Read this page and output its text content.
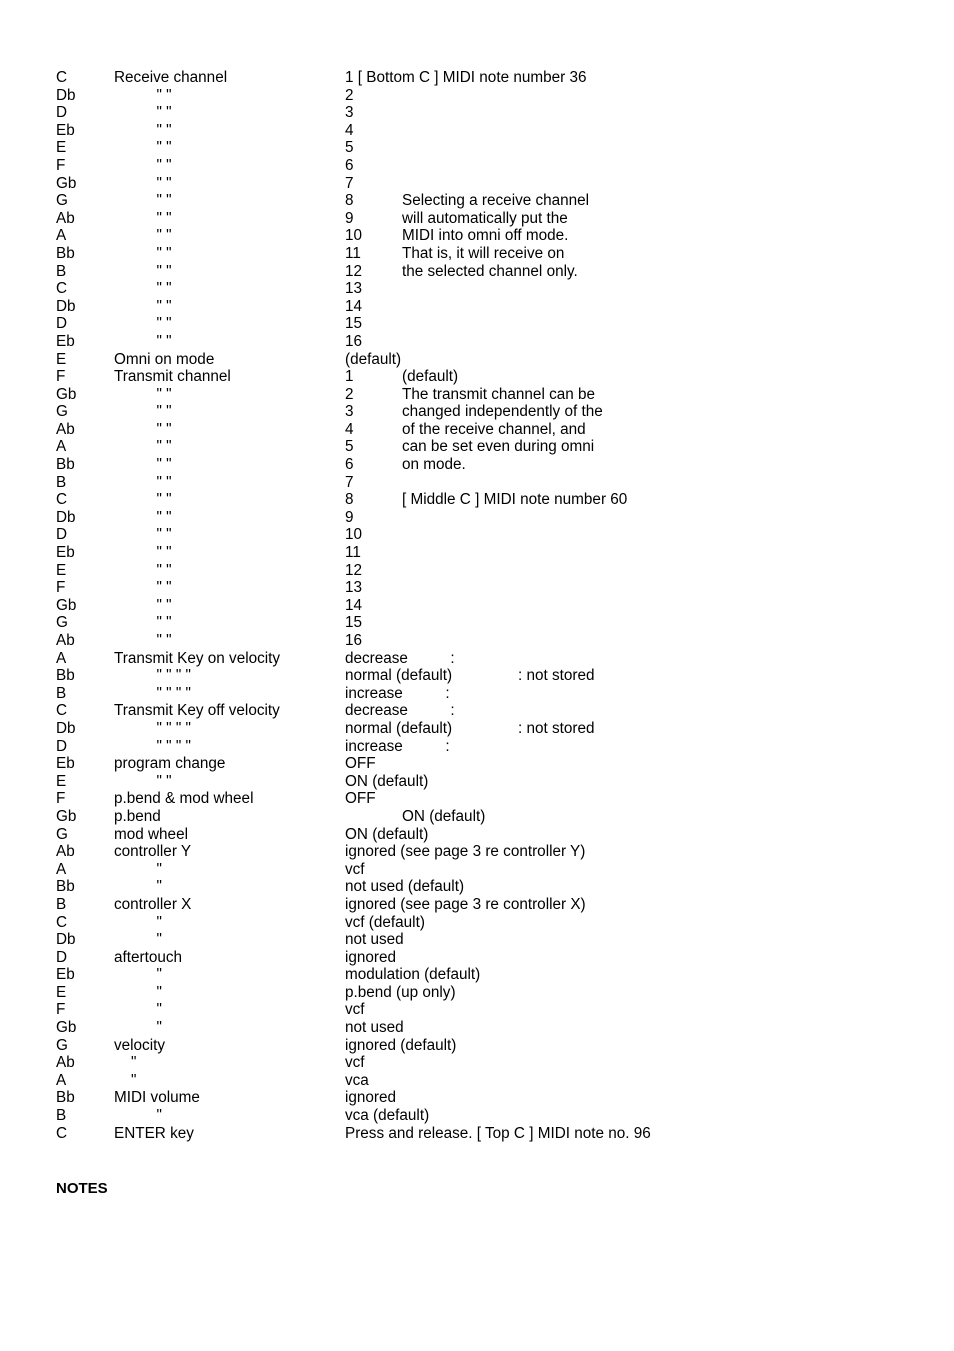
C	Receive channel	1 [ Bottom C ] MIDI note number 36
Db	" "	2
D	" "	3
Eb	" "	4
E	" "	5
F	" "	6
Gb " "	7
G	" "	8	Selecting a receive channel
Ab	" "	9	will automatically put the
A	" "	10	MIDI into omni off mode.
Bb	" "	11	That is, it will receive on
B	" "	12	the selected channel only.
C	" "	13
Db	" "	14
D	" "	15
Eb	" "	16
E	Omni on mode	(default)
F	Transmit channel	1	(default)
Gb " "	2	The transmit channel can be
G	" "	3	changed independently of the
Ab	" "	4	of the receive channel, and
A	" "	5	can be set even during omni
Bb	" "	6	on mode.
B	" "	7
C	" "	8	[ Middle C ] MIDI note number 60
Db	" "	9
D	" "	10
Eb	" "	11
E	" "	12
F	" "	13
Gb " "	14
G	" "	15
Ab	" "	16
A	Transmit Key on velocity	decrease          :
Bb	" " " "	normal (default)	: not stored
B	" " " "	increase          :
C	Transmit Key off velocity	decrease          :
Db	" " " "	normal (default)	: not stored
D	" " " "	increase          :
Eb	program change	OFF
E	" "	ON (default)
F	p.bend & mod wheel	OFF
Gb p.bend	ON (default)
G	mod wheel	ON (default)
Ab	controller Y	ignored (see page 3 re controller Y)
A	"	vcf
Bb	"	not used (default)
B	controller X	ignored (see page 3 re controller X)
C	"	vcf (default)
Db	"	not used
D	aftertouch	ignored
Eb	"	modulation (default)
E	"	p.bend (up only)
F	"	vcf
Gb "	not used
G	velocity	ignored (default)
Ab	"	vcf
A	"	vca
Bb	MIDI volume	ignored
B	"	vca (default)
C	ENTER key	Press and release. [ Top C ] MIDI note no. 96
NOTES
